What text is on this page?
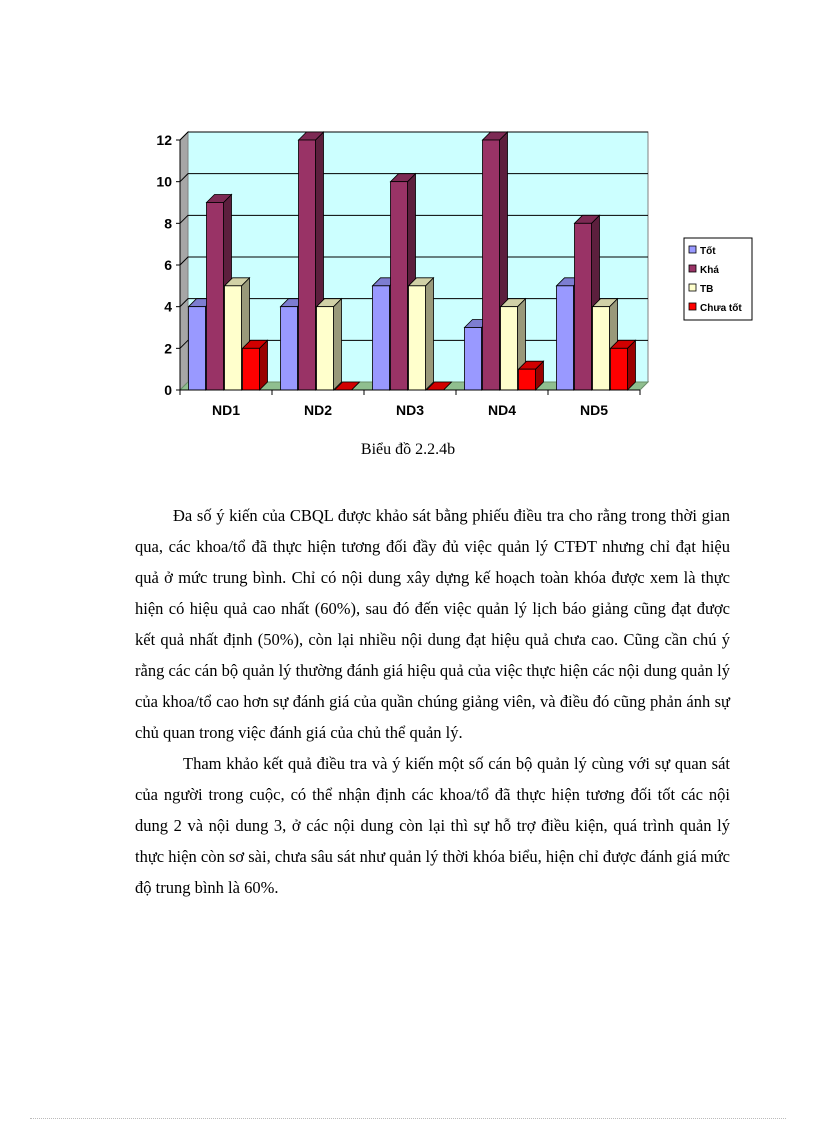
0
2
4
6
8
10
12
ND1	ND2	ND3	ND4	ND5
Tốt
Khá
TB
Chưa tốt
Biểu đồ 2.2.4b

Đa số ý kiến của CBQL được khảo sát bằng phiếu điều tra cho rằng trong thời gian qua, các khoa/tổ đã thực hiện tương đối đầy đủ việc quản lý CTĐT nhưng chỉ đạt hiệu quả ở mức trung bình. Chỉ có nội dung xây dựng kế hoạch toàn khóa được xem là thực hiện có hiệu quả cao nhất (60%), sau đó đến việc quản lý lịch báo giảng cũng đạt được kết quả nhất định (50%), còn lại nhiều nội dung đạt hiệu quả chưa cao. Cũng cần chú ý rằng các cán bộ quản lý thường đánh giá hiệu quả của việc thực hiện các nội dung quản lý của khoa/tổ cao hơn sự đánh giá của quần chúng giảng viên, và điều đó cũng phản ánh sự chủ quan trong việc đánh giá của chủ thể quản lý.

Tham khảo kết quả điều tra và ý kiến một số cán bộ quản lý cùng với sự quan sát của người trong cuộc, có thể nhận định các khoa/tổ đã thực hiện tương đối tốt các nội dung 2 và nội dung 3, ở các nội dung còn lại thì sự hỗ trợ điều kiện, quá trình quản lý thực hiện còn sơ sài, chưa sâu sát như quản lý thời khóa biểu, hiện chỉ được đánh giá mức độ trung bình là 60%.
